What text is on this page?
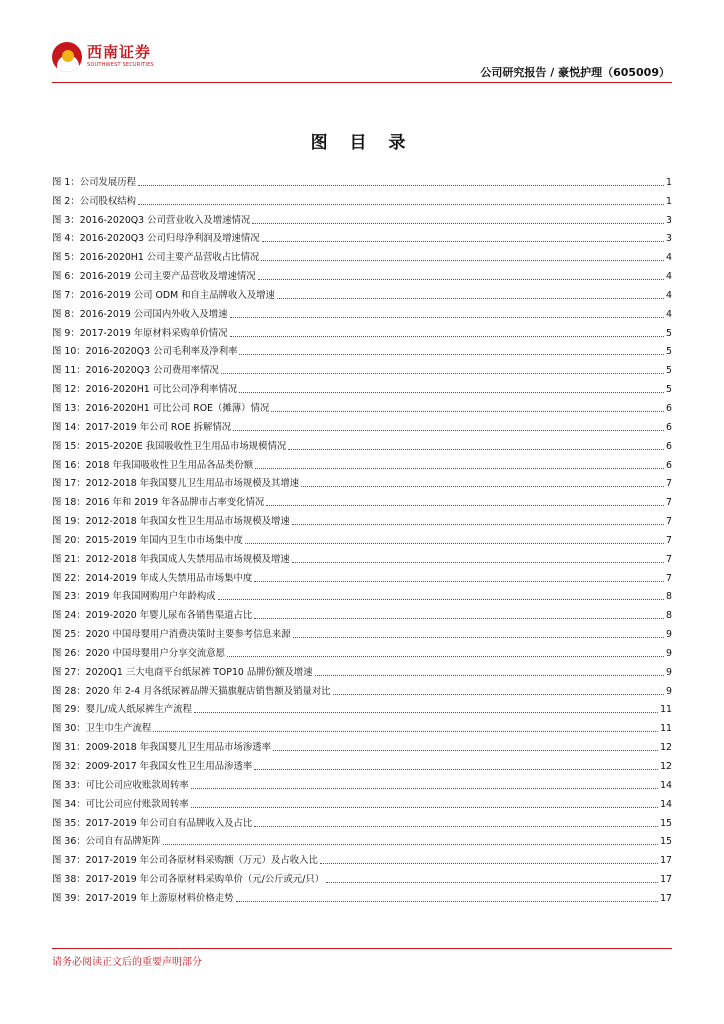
西南证券
SOUTHWEST SECURITIES
公司研究报告 / 豪悦护理（605009）
图 目 录
图 1：公司发展历程	1
图 2：公司股权结构	1
图 3：2016-2020Q3 公司营业收入及增速情况	3
图 4：2016-2020Q3 公司归母净利润及增速情况	3
图 5：2016-2020H1 公司主要产品营收占比情况	4
图 6：2016-2019 公司主要产品营收及增速情况	4
图 7：2016-2019 公司 ODM 和自主品牌收入及增速	4
图 8：2016-2019 公司国内外收入及增速	4
图 9：2017-2019 年原材料采购单价情况	5
图 10：2016-2020Q3 公司毛利率及净利率	5
图 11：2016-2020Q3 公司费用率情况	5
图 12：2016-2020H1 可比公司净利率情况	5
图 13：2016-2020H1 可比公司 ROE（摊薄）情况	6
图 14：2017-2019 年公司 ROE 拆解情况	6
图 15：2015-2020E 我国吸收性卫生用品市场规模情况	6
图 16：2018 年我国吸收性卫生用品各品类份额	6
图 17：2012-2018 年我国婴儿卫生用品市场规模及其增速	7
图 18：2016 年和 2019 年各品牌市占率变化情况	7
图 19：2012-2018 年我国女性卫生用品市场规模及增速	7
图 20：2015-2019 年国内卫生巾市场集中度	7
图 21：2012-2018 年我国成人失禁用品市场规模及增速	7
图 22：2014-2019 年成人失禁用品市场集中度	7
图 23：2019 年我国网购用户年龄构成	8
图 24：2019-2020 年婴儿尿布各销售渠道占比	8
图 25：2020 中国母婴用户消费决策时主要参考信息来源	9
图 26：2020 中国母婴用户分享交流意愿	9
图 27：2020Q1 三大电商平台纸尿裤 TOP10 品牌份额及增速	9
图 28：2020 年 2-4 月各纸尿裤品牌天猫旗舰店销售额及销量对比	9
图 29：婴儿/成人纸尿裤生产流程	11
图 30：卫生巾生产流程	11
图 31：2009-2018 年我国婴儿卫生用品市场渗透率	12
图 32：2009-2017 年我国女性卫生用品渗透率	12
图 33：可比公司应收账款周转率	14
图 34：可比公司应付账款周转率	14
图 35：2017-2019 年公司自有品牌收入及占比	15
图 36：公司自有品牌矩阵	15
图 37：2017-2019 年公司各原材料采购额（万元）及占收入比	17
图 38：2017-2019 年公司各原材料采购单价（元/公斤或元/只）	17
图 39：2017-2019 年上游原材料价格走势	17
请务必阅读正文后的重要声明部分
